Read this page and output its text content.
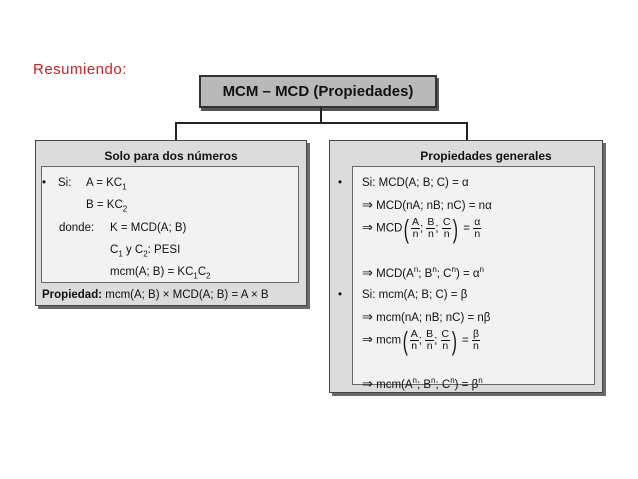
Resumiendo:
MCM – MCD (Propiedades)
Solo para dos números
• Si: $A = KC_1$
$B = KC_2$
donde: K = MCD(A; B)
$C_1$ y $C_2$: PESI
mcm(A; $B) = KC_1C_2$
Propiedad: mcm(A; B) × MCD(A; B) = A × B
Propiedades generales
• Si: MCD(A; B; C) = α
⇒ MCD(nA; nB; nC) = nα
⇒ $MCD( \frac{A}{n}$ ; $\frac{B}{n}$ ; $\frac{C}{n}$ ) = $\frac{\alpha}{n}$
⇒ $MCD(A^n$; $B^n$; $C^n) = \alpha^n$
• Si: mcm(A; B; C) = β
⇒ mcm(nA; nB; nC) = nβ
⇒ $mcm( \frac{A}{n}$ ; $\frac{B}{n}$ ; $\frac{C}{n}$ ) = $\frac{\beta}{n}$
⇒ $mcm(A^n$; $B^n$; $C^n) = \beta^n$
